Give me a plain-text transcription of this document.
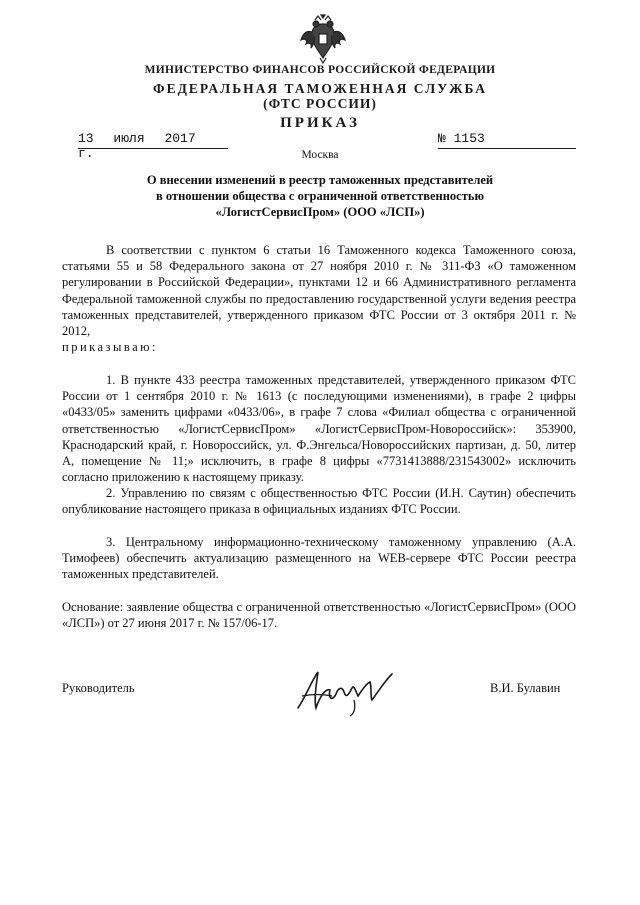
МИНИСТЕРСТВО ФИНАНСОВ РОССИЙСКОЙ ФЕДЕРАЦИИ
ФЕДЕРАЛЬНАЯ ТАМОЖЕННАЯ СЛУЖБА
(ФТС РОССИИ)
ПРИКАЗ
13 июля 2017 г.
№ 1153
Москва
О внесении изменений в реестр таможенных представителей
в отношении общества с ограниченной ответственностью
«ЛогистСервисПром» (ООО «ЛСП»)
В соответствии с пунктом 6 статьи 16 Таможенного кодекса Таможенного союза, статьями 55 и 58 Федерального закона от 27 ноября 2010 г. № 311-ФЗ «О таможенном регулировании в Российской Федерации», пунктами 12 и 66 Административного регламента Федеральной таможенной службы по предоставлению государственной услуги ведения реестра таможенных представителей, утвержденного приказом ФТС России от 3 октября 2011 г. № 2012,
приказываю:
1. В пункте 433 реестра таможенных представителей, утвержденного приказом ФТС России от 1 сентября 2010 г. № 1613 (с последующими изменениями), в графе 2 цифры «0433/05» заменить цифрами «0433/06», в графе 7 слова «Филиал общества с ограниченной ответственностью «ЛогистСервисПром» «ЛогистСервисПром-Новороссийск»: 353900, Краснодарский край, г. Новороссийск, ул. Ф.Энгельса/Новороссийских партизан, д. 50, литер А, помещение № 11;» исключить, в графе 8 цифры «7731413888/231543002» исключить согласно приложению к настоящему приказу.
2. Управлению по связям с общественностью ФТС России (И.Н. Саутин) обеспечить опубликование настоящего приказа в официальных изданиях ФТС России.
3. Центральному информационно-техническому таможенному управлению (А.А. Тимофеев) обеспечить актуализацию размещенного на WEB-сервере ФТС России реестра таможенных представителей.
Основание: заявление общества с ограниченной ответственностью «ЛогистСервисПром» (ООО «ЛСП») от 27 июня 2017 г. № 157/06-17.
Руководитель	В.И. Булавин
